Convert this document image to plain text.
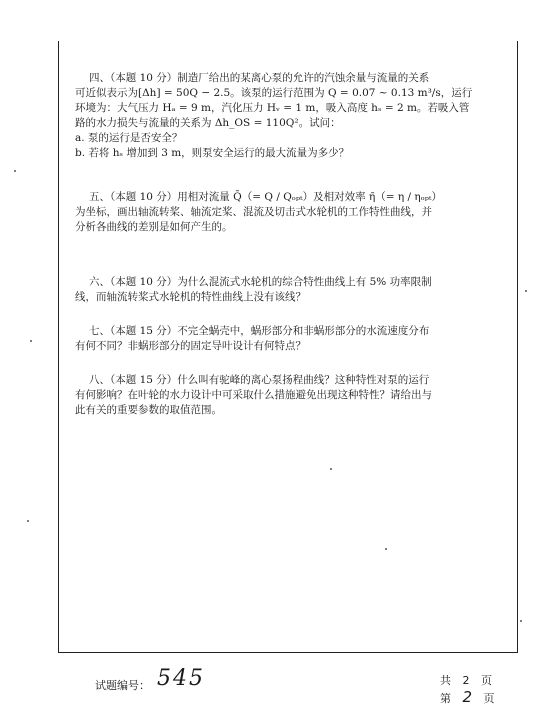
四、（本题 10 分）制造厂给出的某离心泵的允许的汽蚀余量与流量的关系

可近似表示为[Δh] = 50Q − 2.5。该泵的运行范围为 Q = 0.07 ~ 0.13 m³/s，运行

环境为：大气压力 Hₐ = 9 m，汽化压力 Hᵥ = 1 m，吸入高度 hₛ = 2 m。若吸入管

路的水力损失与流量的关系为 Δh_OS = 110Q²。试问：

a. 泵的运行是否安全？

b. 若将 hₛ 增加到 3 m，则泵安全运行的最大流量为多少？

五、（本题 10 分）用相对流量 Q̄（= Q / Qₒₚₜ）及相对效率 η̄（= η / ηₒₚₜ）

为坐标，画出轴流转桨、轴流定桨、混流及切击式水轮机的工作特性曲线，并

分析各曲线的差别是如何产生的。

六、（本题 10 分）为什么混流式水轮机的综合特性曲线上有 5% 功率限制

线，而轴流转桨式水轮机的特性曲线上没有该线？

七、（本题 15 分）不完全蜗壳中，蜗形部分和非蜗形部分的水流速度分布

有何不同？非蜗形部分的固定导叶设计有何特点？

八、（本题 15 分）什么叫有驼峰的离心泵扬程曲线？这种特性对泵的运行

有何影响？在叶轮的水力设计中可采取什么措施避免出现这种特性？请给出与

此有关的重要参数的取值范围。

试题编号： 545	共 2 页
第 2 页
